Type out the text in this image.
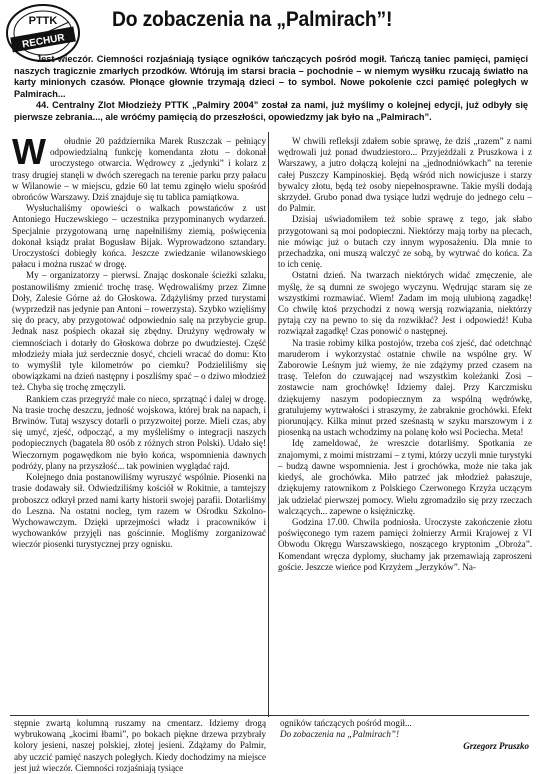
PTTK
RECHUR
Do zobaczenia na „Palmirach”!

Jest wieczór. Ciemności rozjaśniają tysiące ogników tańczących pośród mogił. Tańczą taniec pamięci, pamięci naszych tragicznie zmarłych przodków. Wtórują im starsi bracia – pochodnie – w niemym wysiłku rzucają światło na karty minionych czasów. Płonące głownie trzymają dzieci – to symbol. Nowe pokolenie czci pamięć poległych w Palmirach...

44. Centralny Zlot Młodzieży PTTK „Palmiry 2004” został za nami, już myślimy o kolejnej edycji, już odbyły się pierwsze zebrania..., ale wróćmy pamięcią do przeszłości, opowiedzmy jak było na „Palmirach”.

W ołudnie 20 października Marek Ruszczak – pełniący odpowiedzialną funkcję komendanta złotu – dokonał uroczystego otwarcia. Wędrowcy z „jedynki” i kolarz z trasy drugiej stanęli w dwóch szeregach na terenie parku przy pałacu w Wilanowie – w miejscu, gdzie 60 lat temu zginęło wielu spośród obrońców Warszawy. Dziś znajduje się tu tablica pamiątkowa.

Wysłuchaliśmy opowieści o walkach powstańców z ust Antoniego Huczewskiego – uczestnika przypominanych wydarzeń. Specjalnie przygotowaną urnę napełniliśmy ziemią, poświęcenia dokonał ksiądz prałat Bogusław Bijak. Wyprowadzono sztandary. Uroczystości dobiegły końca. Jeszcze zwiedzanie wilanowskiego pałacu i można ruszać w drogę.

My – organizatorzy – pierwsi. Znając doskonale ścieżki szlaku, postanowiliśmy zmienić trochę trasę. Wędrowaliśmy przez Zimne Doły, Zalesie Górne aż do Głoskowa. Zdążyliśmy przed turystami (wyprzedził nas jedynie pan Antoni – rowerzysta). Szybko wzięliśmy się do pracy, aby przygotować odpowiednio salę na przybycie grup. Jednak nasz pośpiech okazał się zbędny. Drużyny wędrowały w ciemnościach i dotarły do Głoskowa dobrze po dwudziestej. Część młodzieży miała już serdecznie dosyć, chcieli wracać do domu: Kto to wymyślił tyle kilometrów po ciemku? Podzieliliśmy się obowiązkami na dzień następny i poszliśmy spać – o dziwo młodzież też. Chyba się trochę zmęczyli.

Rankiem czas przegryźć małe co nieco, sprzątnąć i dalej w drogę. Na trasie trochę deszczu, jedność wojskowa, której brak na napach, i Brwinów. Tutaj wszyscy dotarli o przyzwoitej porze. Mieli czas, aby się umyć, zjeść, odpocząć, a my myśleliśmy o integracji naszych podopiecznych (bagatela 80 osób z różnych stron Polski). Udało się! Wieczornym pogawędkom nie było końca, wspomnienia dawnych podróży, plany na przyszłość... tak powinien wyglądać rajd.

Kolejnego dnia postanowiliśmy wyruszyć wspólnie. Piosenki na trasie dodawały sił. Odwiedziliśmy kościół w Rokitnie, a tamtejszy proboszcz odkrył przed nami karty historii swojej parafii. Dotarliśmy do Leszna. Na ostatni nocleg, tym razem w Ośrodku Szkolno-Wychowawczym. Dzięki uprzejmości władz i pracowników i wychowanków przyjęli nas gościnnie. Mogliśmy zorganizować wieczór piosenki turystycznej przy ognisku.

W chwili refleksji zdałem sobie sprawę, że dziś „razem” z nami wędrowali już ponad dwudziestoro... Przyjeżdżali z Pruszkowa i z Warszawy, a jutro dołączą kolejni na „jednodniówkach” na terenie całej Puszczy Kampinoskiej. Będą wśród nich nowicjusze i starzy bywalcy złotu, będą też osoby niepełnosprawne. Takie myśli dodają skrzydeł. Grubo ponad dwa tysiące ludzi wędruje do jednego celu – do Palmir.

Dzisiaj uświadomiłem też sobie sprawę z tego, jak słabo przygotowani są moi podopieczni. Niektórzy mają torby na plecach, nie mówiąc już o butach czy innym wyposażeniu. Dla mnie to przechadzka, oni muszą walczyć ze sobą, by wytrwać do końca. Za to ich cenię.

Ostatni dzień. Na twarzach niektórych widać zmęczenie, ale myślę, że są dumni ze swojego wyczynu. Wędrując staram się ze wszystkimi rozmawiać. Wiem! Zadam im moją ulubioną zagadkę! Co chwilę ktoś przychodzi z nową wersją rozwiązania, niektórzy pytają czy na pewno to się da rozwikłać? Jest i odpowiedź! Kuba rozwiązał zagadkę! Czas ponowić o następnej.

Na trasie robimy kilka postojów, trzeba coś zjeść, dać odetchnąć maruderom i wykorzystać ostatnie chwile na wspólne gry. W Zaborowie Leśnym już wiemy, że nie zdążymy przed czasem na trasę. Telefon do czuwającej nad wszystkim koleżanki Zosi – zostawcie nam grochówkę! Idziemy dalej. Przy Karczmisku dziękujemy naszym podopiecznym za wspólną wędrówkę, gratulujemy wytrwałości i straszymy, że zabraknie grochówki. Efekt piorunujący. Kilka minut przed sześnastą w szyku marszowym i z piosenką na ustach wchodzimy na polanę koło wsi Pociecha. Meta!

Idę zameldować, że wreszcie dotarliśmy. Spotkania ze znajomymi, z moimi mistrzami – z tymi, którzy uczyli mnie turystyki – budzą dawne wspomnienia. Jest i grochówka, może nie taka jak kiedyś, ale grochówka. Miło patrzeć jak młodzież pałaszuje, dziękujemy ratownikom z Polskiego Czerwonego Krzyża uczącym jak udzielać pierwszej pomocy. Wielu zgromadziło się przy rzeczach walczących... zapewne o księżniczkę.

Godzina 17.00. Chwila podniosła. Uroczyste zakończenie złotu poświęconego tym razem pamięci żołnierzy Armii Krajowej z VI Obwodu Okręgu Warszawskiego, noszącego kryptonim „Obroża”. Komendant wręcza dyplomy, słuchamy jak przemawiają zaproszeni goście. Jeszcze wieńce pod Krzyżem „Jerzyków”. Na-

stępnie zwartą kolumną ruszamy na cmentarz. Idziemy drogą wybrukowaną „kocimi łbami”, po bokach piękne drzewa przybrały kolory jesieni, naszej polskiej, złotej jesieni. Zdążamy do Palmir, aby uczcić pamięć naszych poległych. Kiedy dochodzimy na miejsce jest już wieczór. Ciemności rozjaśniają tysiące
ogników tańczących pośród mogił...
Do zobaczenia na „Palmirach”!
Grzegorz Pruszko
